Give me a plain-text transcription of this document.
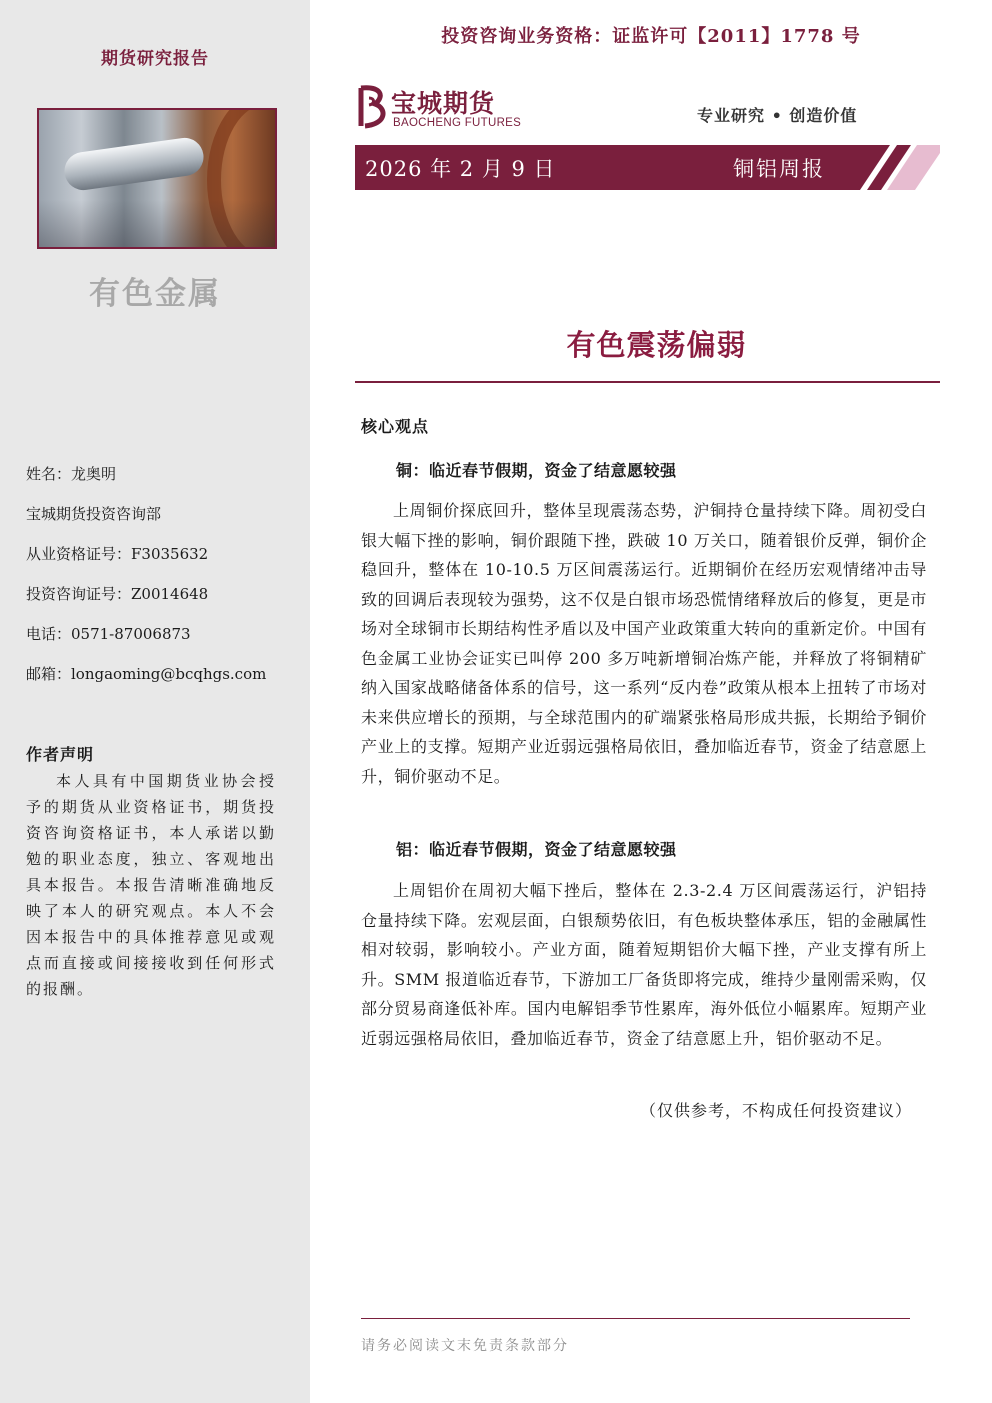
期货研究报告
有色金属
姓名：龙奥明
宝城期货投资咨询部
从业资格证号：F3035632
投资咨询证号：Z0014648
电话：0571-87006873
邮箱：longaoming@bcqhgs.com
作者声明
本人具有中国期货业协会授予的期货从业资格证书，期货投资咨询资格证书，本人承诺以勤勉的职业态度，独立、客观地出具本报告。本报告清晰准确地反映了本人的研究观点。本人不会因本报告中的具体推荐意见或观点而直接或间接接收到任何形式的报酬。
投资咨询业务资格：证监许可【2011】1778 号
宝城期货
BAOCHENG FUTURES	专业研究 • 创造价值
2026 年 2 月 9 日	铜铝周报
有色震荡偏弱
核心观点
铜：临近春节假期，资金了结意愿较强

上周铜价探底回升，整体呈现震荡态势，沪铜持仓量持续下降。周初受白银大幅下挫的影响，铜价跟随下挫，跌破 10 万关口，随着银价反弹，铜价企稳回升，整体在 10-10.5 万区间震荡运行。近期铜价在经历宏观情绪冲击导致的回调后表现较为强势，这不仅是白银市场恐慌情绪释放后的修复，更是市场对全球铜市长期结构性矛盾以及中国产业政策重大转向的重新定价。中国有色金属工业协会证实已叫停 200 多万吨新增铜冶炼产能，并释放了将铜精矿纳入国家战略储备体系的信号，这一系列“反内卷”政策从根本上扭转了市场对未来供应增长的预期，与全球范围内的矿端紧张格局形成共振，长期给予铜价产业上的支撑。短期产业近弱远强格局依旧，叠加临近春节，资金了结意愿上升，铜价驱动不足。

铝：临近春节假期，资金了结意愿较强

上周铝价在周初大幅下挫后，整体在 2.3-2.4 万区间震荡运行，沪铝持仓量持续下降。宏观层面，白银颓势依旧，有色板块整体承压，铝的金融属性相对较弱，影响较小。产业方面，随着短期铝价大幅下挫，产业支撑有所上升。SMM 报道临近春节，下游加工厂备货即将完成，维持少量刚需采购，仅部分贸易商逢低补库。国内电解铝季节性累库，海外低位小幅累库。短期产业近弱远强格局依旧，叠加临近春节，资金了结意愿上升，铝价驱动不足。

（仅供参考，不构成任何投资建议）
请务必阅读文末免责条款部分
